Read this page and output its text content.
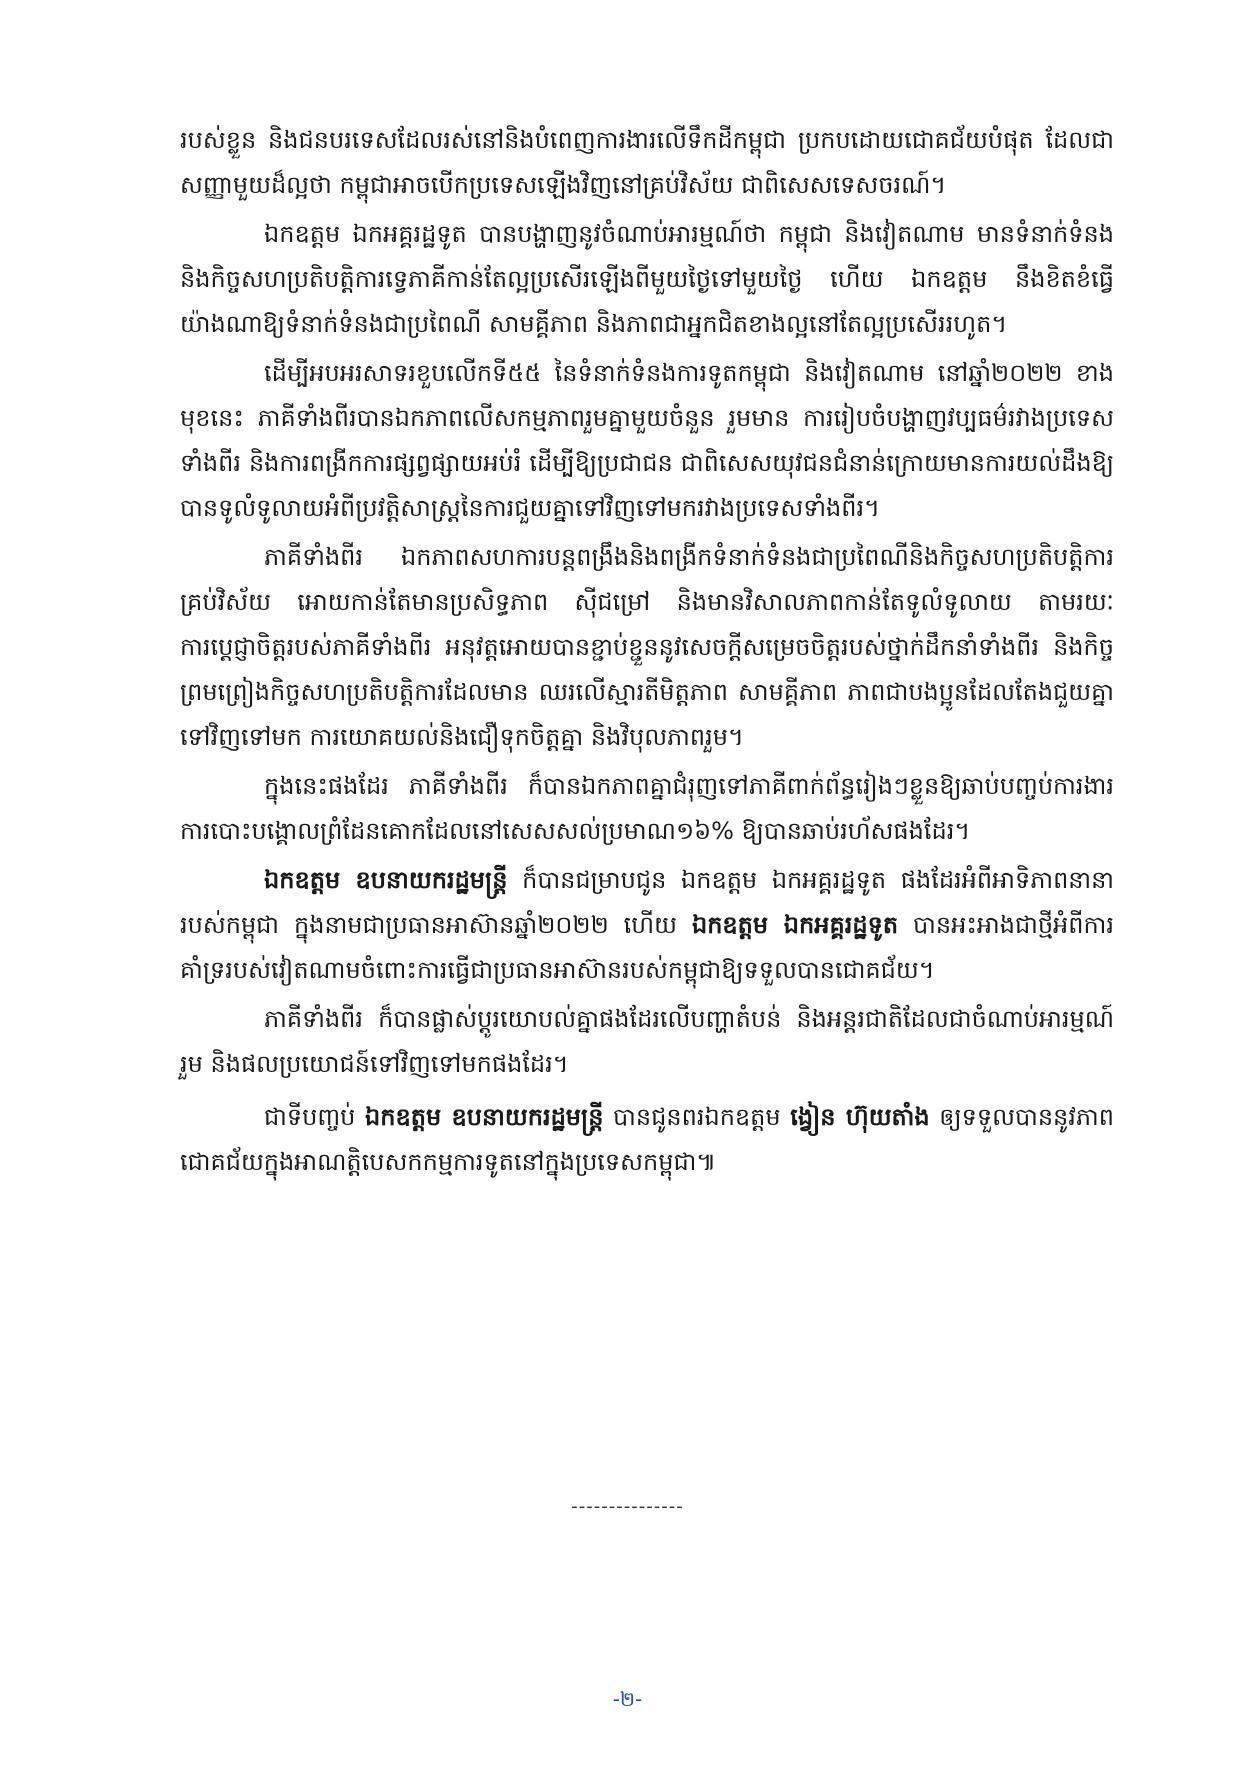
របស់ខ្លួន និងជនបរទេសដែលរស់នៅនិងបំពេញការងារលើទឹកដីកម្ពុជា ប្រកបដោយជោគជ័យបំផុត ដែលជាសញ្ញាមួយដ៏ល្អថា កម្ពុជាអាចបើកប្រទេសឡើងវិញនៅគ្រប់វិស័យ ជាពិសេសទេសចរណ៍។

ឯកឧត្តម ឯកអគ្គរដ្ឋទូត បានបង្ហាញនូវចំណាប់អារម្មណ៍ថា កម្ពុជា និងវៀតណាម មានទំនាក់ទំនង និងកិច្ចសហប្រតិបត្តិការទ្វេភាគីកាន់តែល្អប្រសើរឡើងពីមួយថ្ងៃទៅមួយថ្ងៃ ហើយ ឯកឧត្តម នឹងខិតខំធ្វើយ៉ាងណាឱ្យទំនាក់ទំនងជាប្រពៃណី សាមគ្គីភាព និងភាពជាអ្នកជិតខាងល្អនៅតែល្អប្រសើររហូត។

ដើម្បីអបអរសាទរខួបលើកទី៥៥ នៃទំនាក់ទំនងការទូតកម្ពុជា និងវៀតណាម នៅឆ្នាំ២០២២ ខាងមុខនេះ ភាគីទាំងពីរបានឯកភាពលើសកម្មភាពរួមគ្នាមួយចំនួន រួមមាន ការរៀបចំបង្ហាញវប្បធម៌រវាងប្រទេសទាំងពីរ និងការពង្រីកការផ្សព្វផ្សាយអប់រំ ដើម្បីឱ្យប្រជាជន ជាពិសេសយុវជនជំនាន់ក្រោយមានការយល់ដឹងឱ្យបានទូលំទូលាយអំពីប្រវត្តិសាស្ត្រនៃការជួយគ្នាទៅវិញទៅមករវាងប្រទេសទាំងពីរ។

ភាគីទាំងពីរ ឯកភាពសហការបន្តពង្រឹងនិងពង្រីកទំនាក់ទំនងជាប្រពៃណីនិងកិច្ចសហប្រតិបត្តិការគ្រប់វិស័យ អោយកាន់តែមានប្រសិទ្ធភាព ស៊ីជម្រៅ និងមានវិសាលភាពកាន់តែទូលំទូលាយ តាមរយៈការប្តេជ្ញាចិត្តរបស់ភាគីទាំងពីរ អនុវត្តអោយបានខ្ជាប់ខ្ជួននូវសេចក្តីសម្រេចចិត្តរបស់ថ្នាក់ដឹកនាំទាំងពីរ និងកិច្ចព្រមព្រៀងកិច្ចសហប្រតិបត្តិការដែលមាន ឈរលើស្មារតីមិត្តភាព សាមគ្គីភាព ភាពជាបងប្អូនដែលតែងជួយគ្នាទៅវិញទៅមក ការយោគយល់និងជឿទុកចិត្តគ្នា និងវិបុលភាពរួម។

ក្នុងនេះផងដែរ ភាគីទាំងពីរ ក៏បានឯកភាពគ្នាជំរុញទៅភាគីពាក់ព័ន្ធរៀងៗខ្លួនឱ្យឆាប់បញ្ចប់ការងារការបោះបង្គោលព្រំដែនគោកដែលនៅសេសសល់ប្រមាណ១៦% ឱ្យបានឆាប់រហ័សផងដែរ។

ឯកឧត្តម ឧបនាយករដ្ឋមន្ត្រី ក៏បានជម្រាបជូន ឯកឧត្តម ឯកអគ្គរដ្ឋទូត ផងដែរអំពីអាទិភាពនានា របស់កម្ពុជា ក្នុងនាមជាប្រធានអាស៊ានឆ្នាំ២០២២ ហើយ ឯកឧត្តម ឯកអគ្គរដ្ឋទូត បានអះអាងជាថ្មីអំពីការគាំទ្ររបស់វៀតណាមចំពោះការធ្វើជាប្រធានអាស៊ានរបស់កម្ពុជាឱ្យទទួលបានជោគជ័យ។

ភាគីទាំងពីរ ក៏បានផ្លាស់ប្តូរយោបល់គ្នាផងដែរលើបញ្ហាតំបន់ និងអន្តរជាតិដែលជាចំណាប់អារម្មណ៍រួម និងផលប្រយោជន៍ទៅវិញទៅមកផងដែរ។

ជាទីបញ្ចប់ ឯកឧត្តម ឧបនាយករដ្ឋមន្ត្រី បានជូនពរឯកឧត្តម ង្វៀន ហ៊ុយតាំង ឲ្យទទួលបាននូវភាពជោគជ័យក្នុងអាណត្តិបេសកកម្មការទូតនៅក្នុងប្រទេសកម្ពុជា៕

---------------
-២-
